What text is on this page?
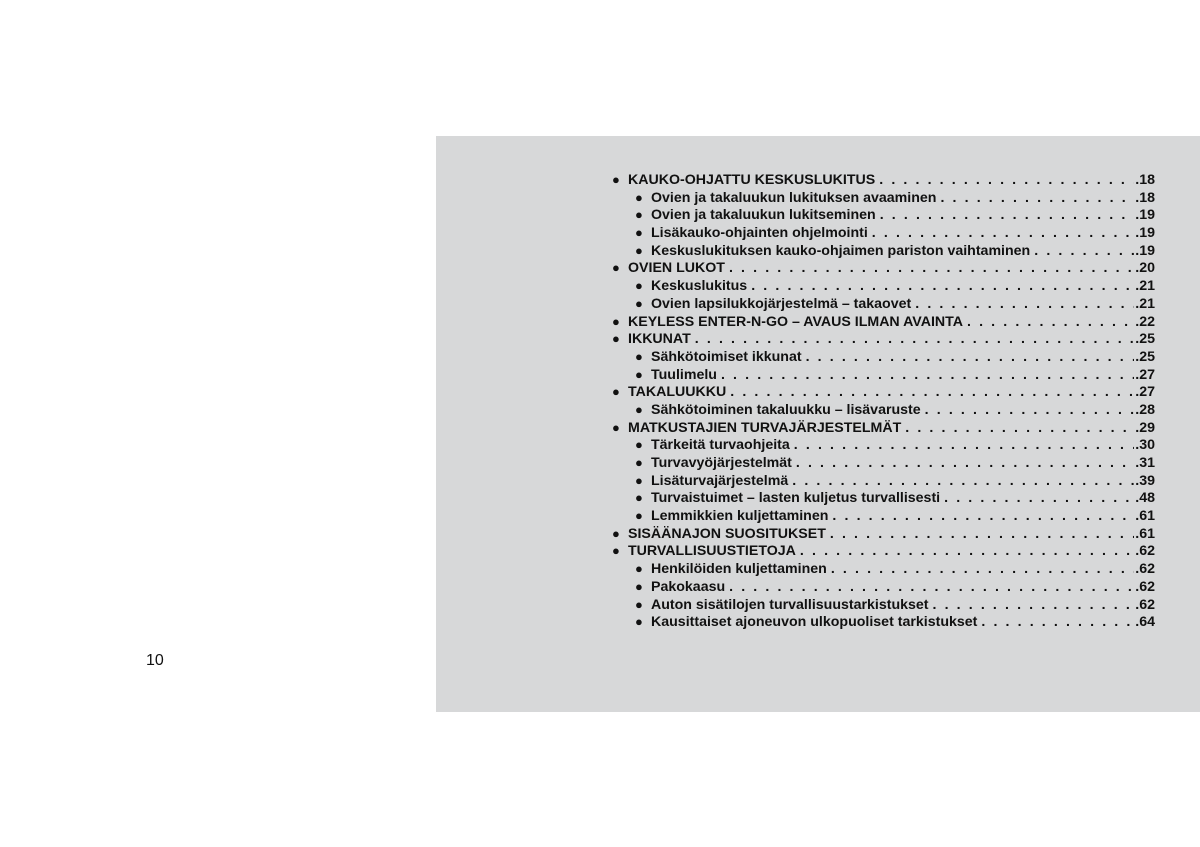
● KAUKO-OHJATTU KESKUSLUKITUS . . .	.18
● Ovien ja takaluukun lukituksen avaaminen . . .	.18
● Ovien ja takaluukun lukitseminen . . .	.19
● Lisäkauko-ohjainten ohjelmointi . . .	.19
● Keskuslukituksen kauko-ohjaimen pariston vaihtaminen . . .	.19
● OVIEN LUKOT . . .	.20
● Keskuslukitus . . .	.21
● Ovien lapsilukkojärjestelmä – takaovet . . .	.21
● KEYLESS ENTER-N-GO – AVAUS ILMAN AVAINTA . . .	.22
● IKKUNAT . . .	.25
● Sähkötoimiset ikkunat . . .	.25
● Tuulimelu . . .	.27
● TAKALUUKKU . . .	.27
● Sähkötoiminen takaluukku – lisävaruste . . .	.28
● MATKUSTAJIEN TURVAJÄRJESTELMÄT . . .	.29
● Tärkeitä turvaohjeita . . .	.30
● Turvavyöjärjestelmät . . .	.31
● Lisäturvajärjestelmä . . .	.39
● Turvaistuimet – lasten kuljetus turvallisesti . . .	.48
● Lemmikkien kuljettaminen . . .	.61
● SISÄÄNAJON SUOSITUKSET . . .	.61
● TURVALLISUUSTIETOJA . . .	.62
● Henkilöiden kuljettaminen . . .	.62
● Pakokaasu . . .	.62
● Auton sisätilojen turvallisuustarkistukset . . .	.62
● Kausittaiset ajoneuvon ulkopuoliset tarkistukset . . .	.64
10
